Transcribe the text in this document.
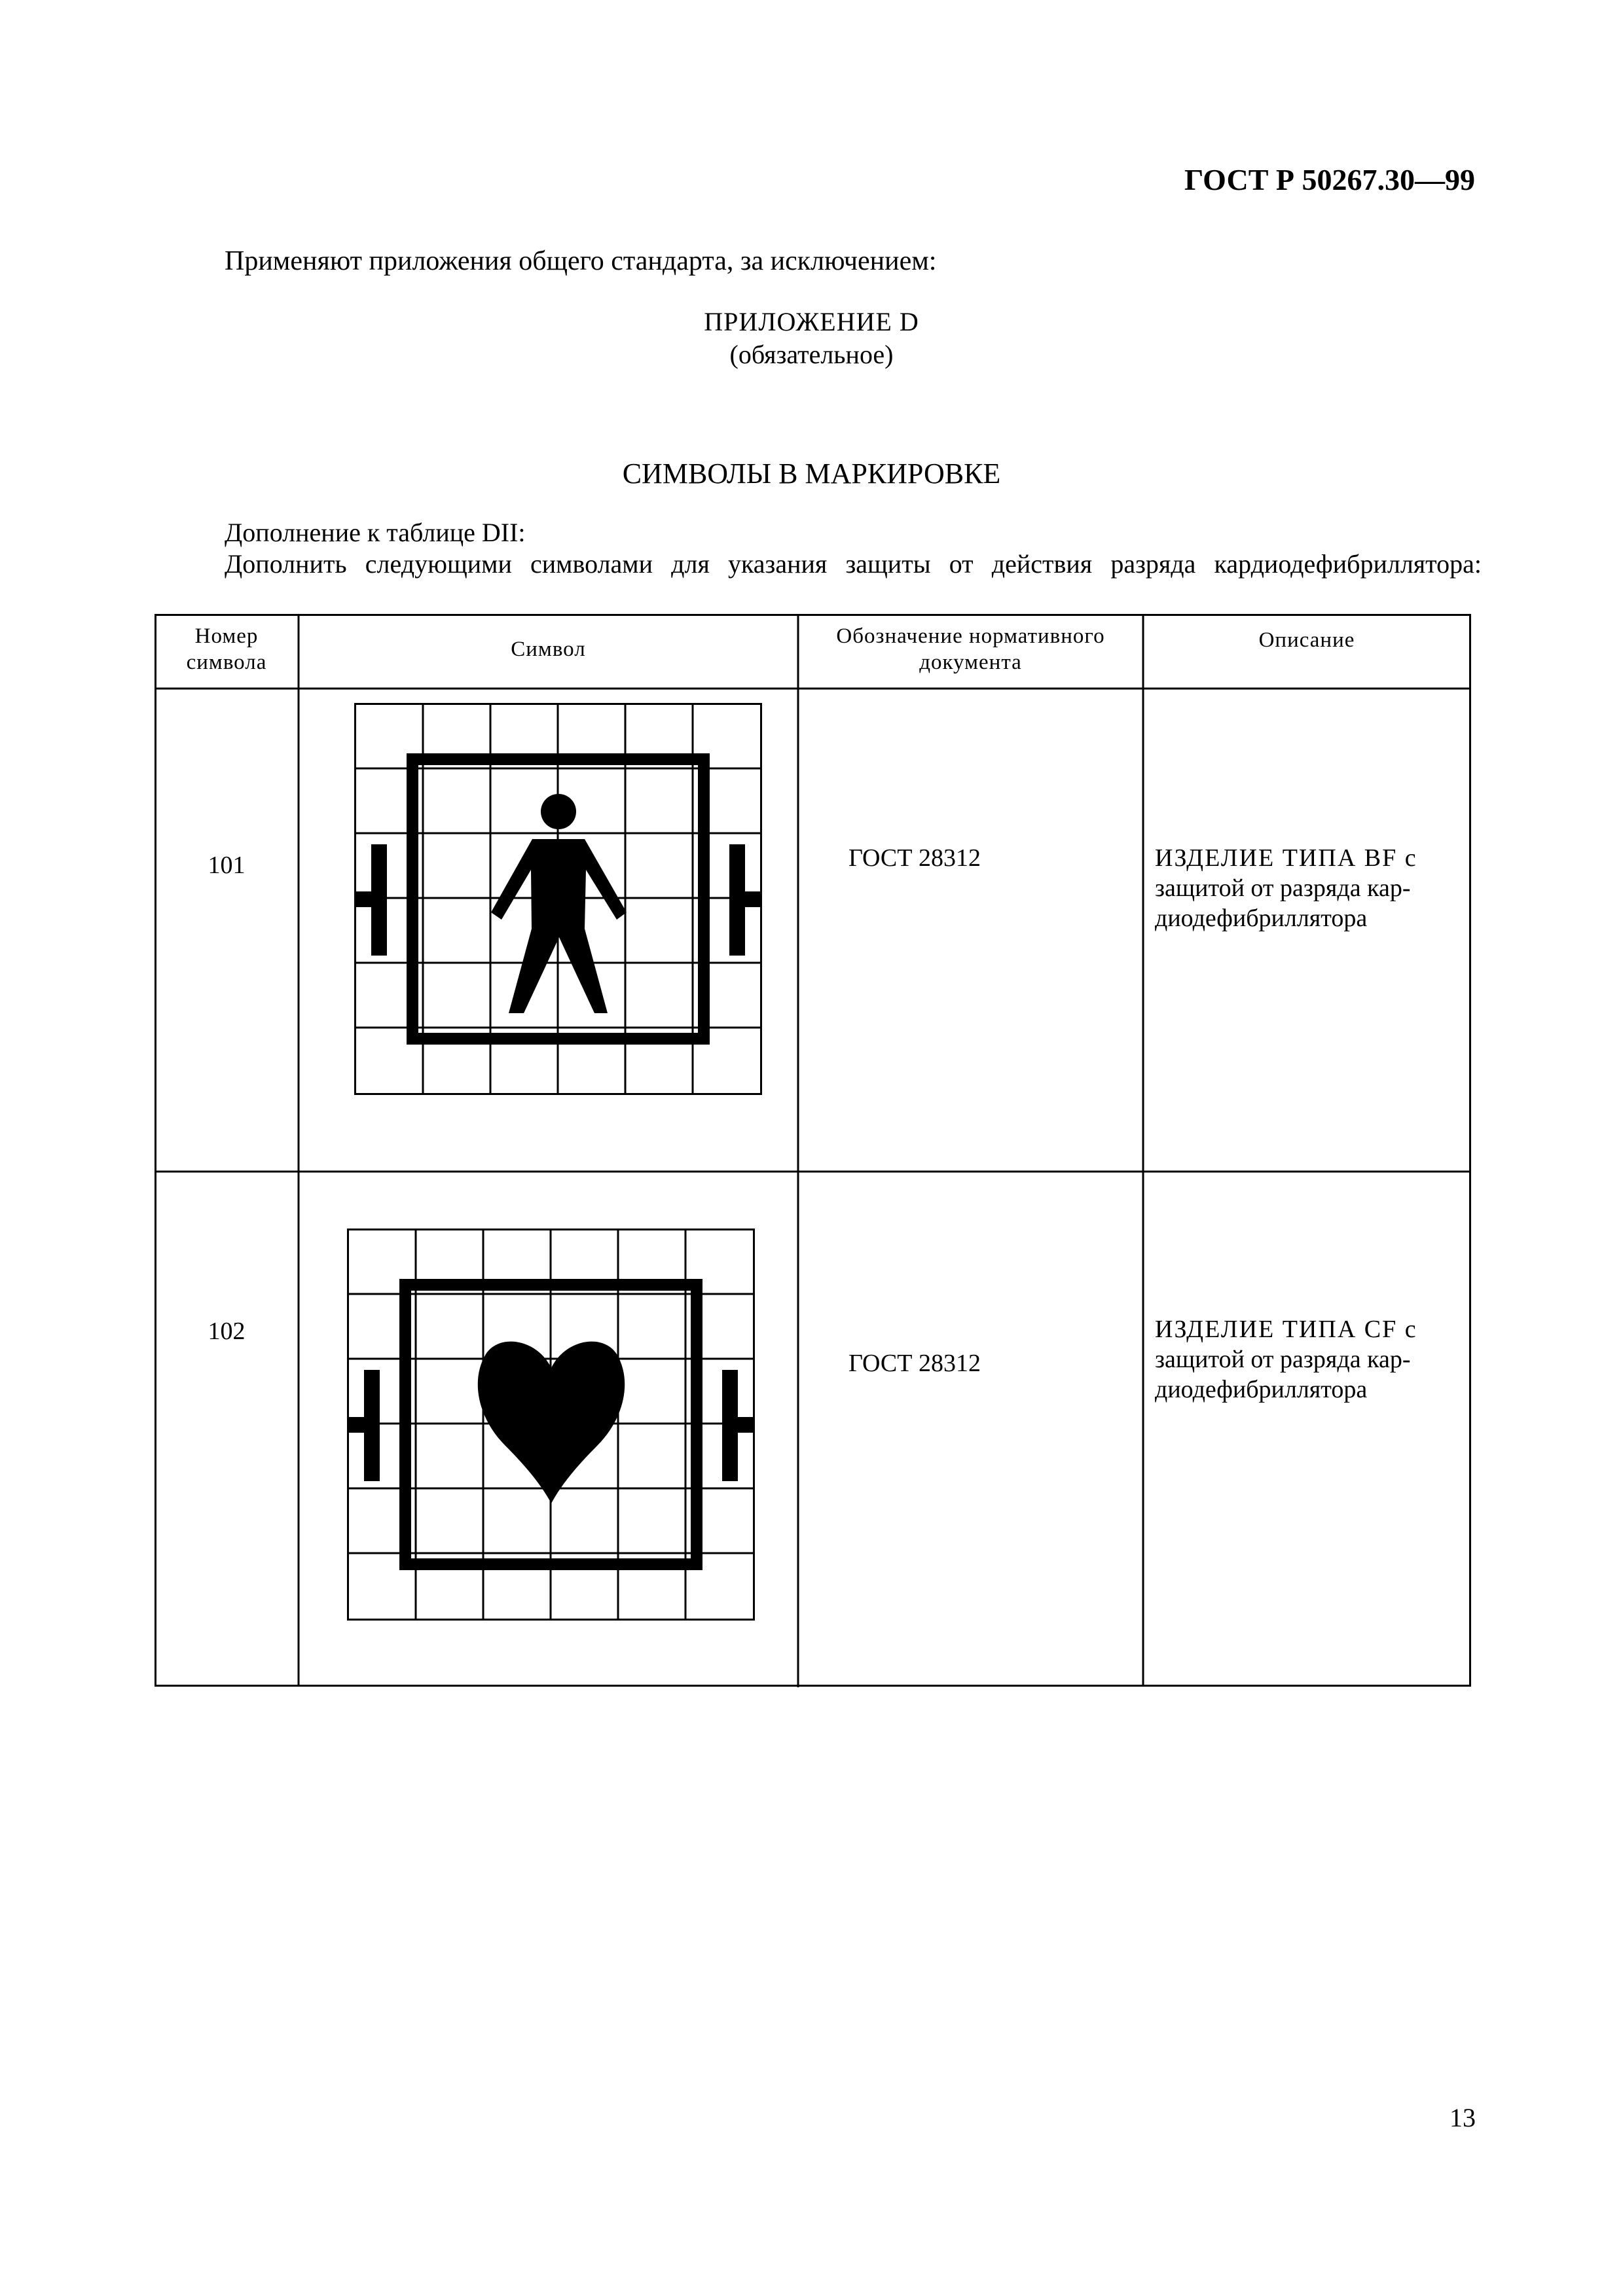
ГОСТ Р 50267.30—99
Применяют приложения общего стандарта, за исключением:
ПРИЛОЖЕНИЕ D
(обязательное)
СИМВОЛЫ В МАРКИРОВКЕ
Дополнение к таблице DII:
Дополнить следующими символами для указания защиты от действия разряда кардиодефибриллятора:
Номер
символа
Символ
Обозначение нормативного
документа
Описание
101	ГОСТ 28312	ИЗДЕЛИЕ ТИПА BF с
защитой от разряда кар-
диодефибриллятора
102
ГОСТ 28312
ИЗДЕЛИЕ ТИПА CF с
защитой от разряда кар-
диодефибриллятора
13
